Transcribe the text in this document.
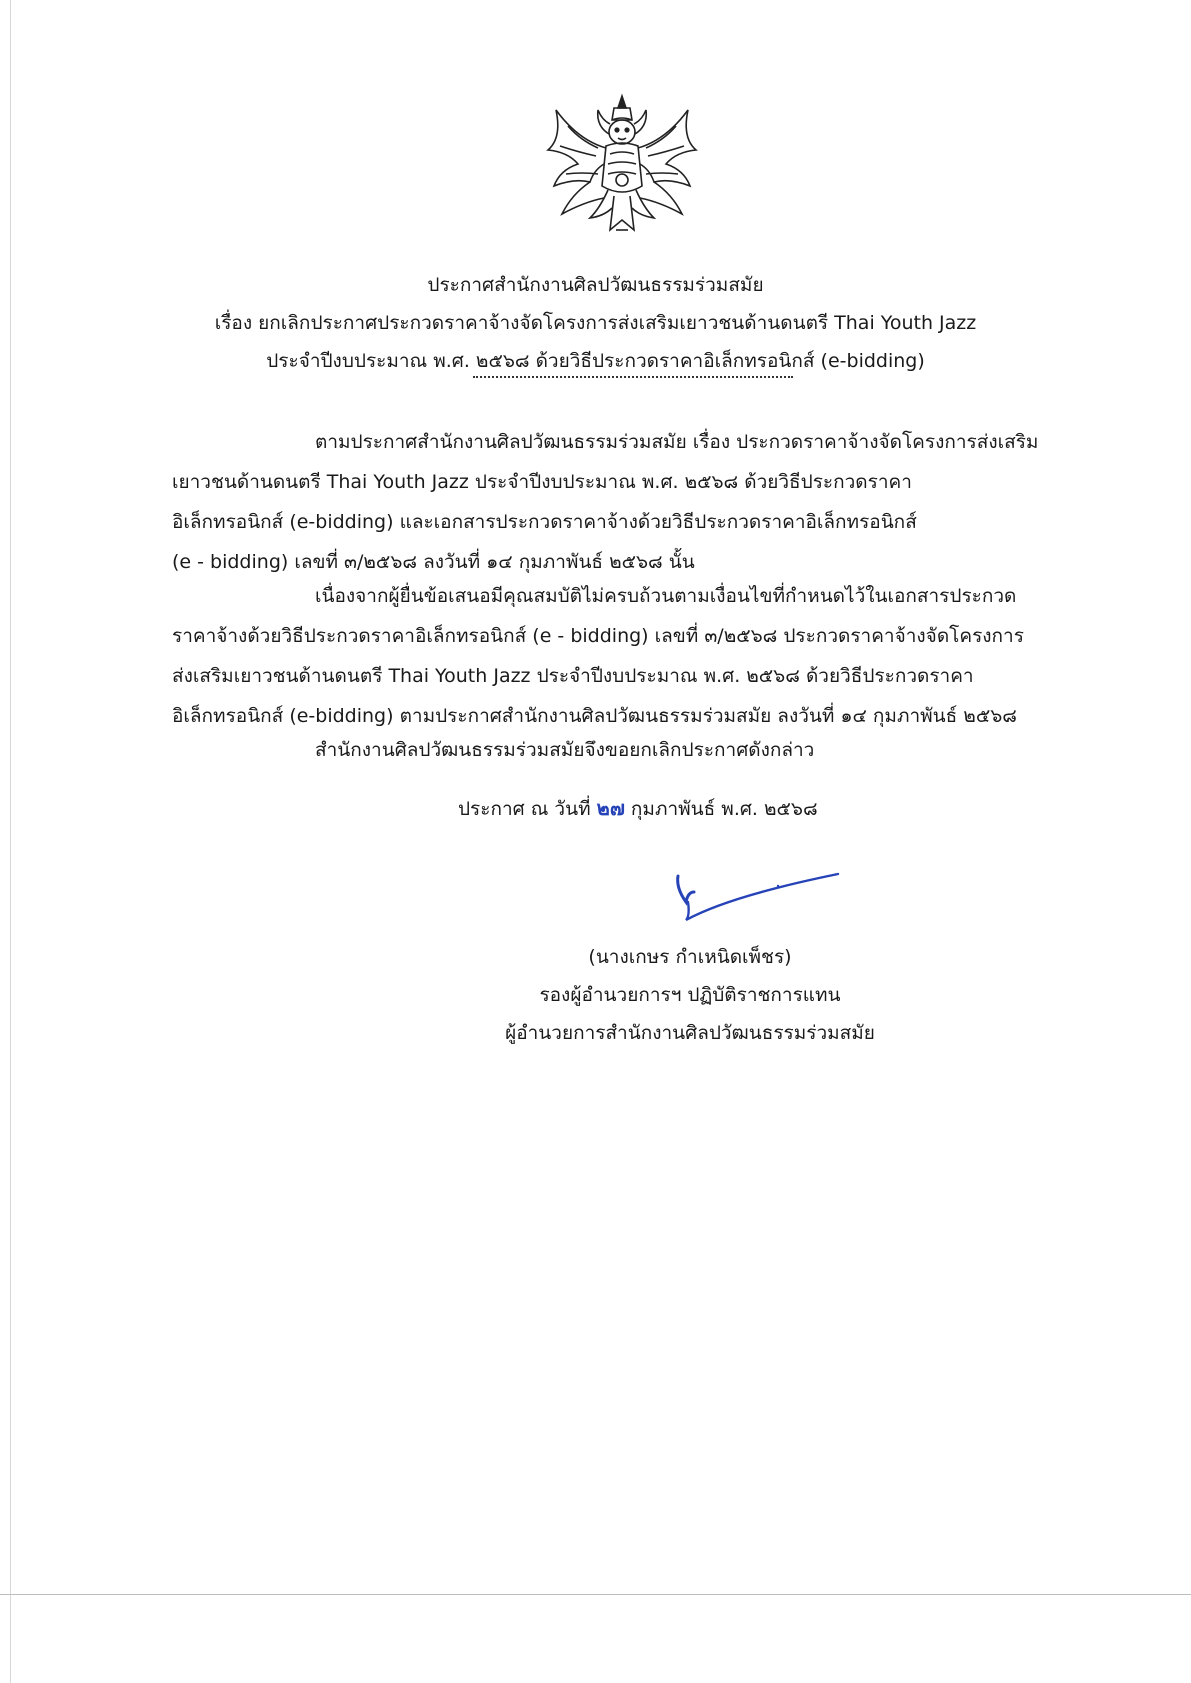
ประกาศสำนักงานศิลปวัฒนธรรมร่วมสมัย
เรื่อง ยกเลิกประกาศประกวดราคาจ้างจัดโครงการส่งเสริมเยาวชนด้านดนตรี Thai Youth Jazz
ประจำปีงบประมาณ พ.ศ. ๒๕๖๘ ด้วยวิธีประกวดราคาอิเล็กทรอนิกส์ (e-bidding)
ตามประกาศสำนักงานศิลปวัฒนธรรมร่วมสมัย เรื่อง ประกวดราคาจ้างจัดโครงการส่งเสริม
เยาวชนด้านดนตรี Thai Youth Jazz ประจำปีงบประมาณ พ.ศ. ๒๕๖๘ ด้วยวิธีประกวดราคา
อิเล็กทรอนิกส์ (e-bidding) และเอกสารประกวดราคาจ้างด้วยวิธีประกวดราคาอิเล็กทรอนิกส์
(e - bidding) เลขที่ ๓/๒๕๖๘ ลงวันที่ ๑๔ กุมภาพันธ์ ๒๕๖๘ นั้น
เนื่องจากผู้ยื่นข้อเสนอมีคุณสมบัติไม่ครบถ้วนตามเงื่อนไขที่กำหนดไว้ในเอกสารประกวด
ราคาจ้างด้วยวิธีประกวดราคาอิเล็กทรอนิกส์ (e - bidding) เลขที่ ๓/๒๕๖๘ ประกวดราคาจ้างจัดโครงการ
ส่งเสริมเยาวชนด้านดนตรี Thai Youth Jazz ประจำปีงบประมาณ พ.ศ. ๒๕๖๘ ด้วยวิธีประกวดราคา
อิเล็กทรอนิกส์ (e-bidding) ตามประกาศสำนักงานศิลปวัฒนธรรมร่วมสมัย ลงวันที่ ๑๔ กุมภาพันธ์ ๒๕๖๘
สำนักงานศิลปวัฒนธรรมร่วมสมัยจึงขอยกเลิกประกาศดังกล่าว
ประกาศ ณ วันที่ ๒๗ กุมภาพันธ์ พ.ศ. ๒๕๖๘
(นางเกษร กำเหนิดเพ็ชร)
รองผู้อำนวยการฯ ปฏิบัติราชการแทน
ผู้อำนวยการสำนักงานศิลปวัฒนธรรมร่วมสมัย
